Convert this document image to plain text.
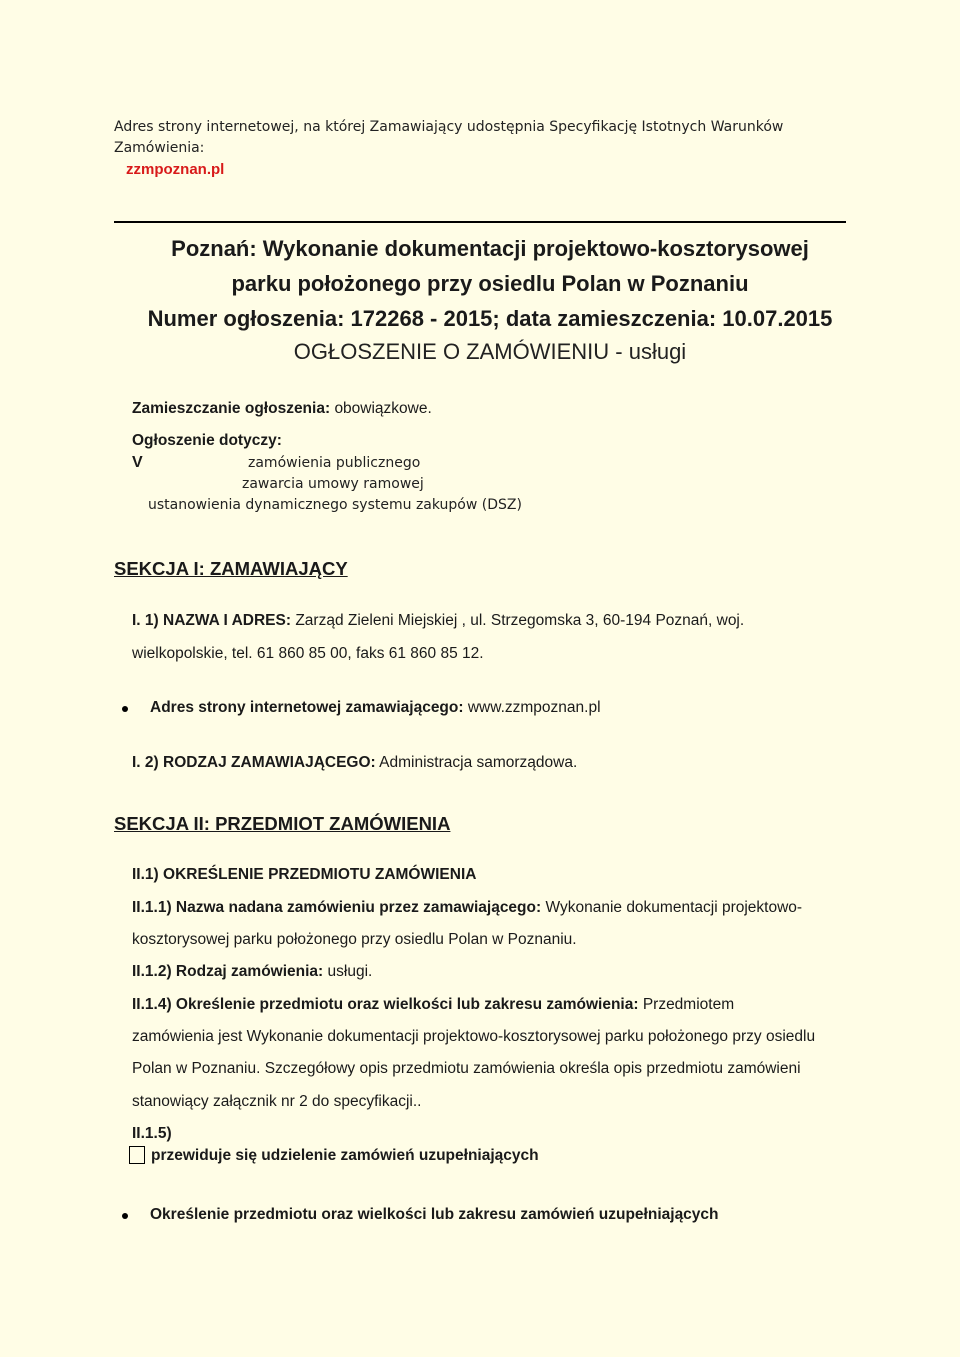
Adres strony internetowej, na której Zamawiający udostępnia Specyfikację Istotnych Warunków
Zamówienia:
zzmpoznan.pl
Poznań: Wykonanie dokumentacji projektowo-kosztorysowej
parku położonego przy osiedlu Polan w Poznaniu
Numer ogłoszenia: 172268 - 2015; data zamieszczenia: 10.07.2015
OGŁOSZENIE O ZAMÓWIENIU - usługi
Zamieszczanie ogłoszenia: obowiązkowe.
Ogłoszenie dotyczy:
V	zamówienia publicznego
zawarcia umowy ramowej
ustanowienia dynamicznego systemu zakupów (DSZ)
SEKCJA I: ZAMAWIAJĄCY
I. 1) NAZWA I ADRES: Zarząd Zieleni Miejskiej , ul. Strzegomska 3, 60-194 Poznań, woj.
wielkopolskie, tel. 61 860 85 00, faks 61 860 85 12.
Adres strony internetowej zamawiającego: www.zzmpoznan.pl
I. 2) RODZAJ ZAMAWIAJĄCEGO: Administracja samorządowa.
SEKCJA II: PRZEDMIOT ZAMÓWIENIA
II.1) OKREŚLENIE PRZEDMIOTU ZAMÓWIENIA
II.1.1) Nazwa nadana zamówieniu przez zamawiającego: Wykonanie dokumentacji projektowo-
kosztorysowej parku położonego przy osiedlu Polan w Poznaniu.
II.1.2) Rodzaj zamówienia: usługi.
II.1.4) Określenie przedmiotu oraz wielkości lub zakresu zamówienia: Przedmiotem
zamówienia jest Wykonanie dokumentacji projektowo-kosztorysowej parku położonego przy osiedlu
Polan w Poznaniu. Szczegółowy opis przedmiotu zamówienia określa opis przedmiotu zamówieni
stanowiący załącznik nr 2 do specyfikacji..
II.1.5)
przewiduje się udzielenie zamówień uzupełniających
Określenie przedmiotu oraz wielkości lub zakresu zamówień uzupełniających
